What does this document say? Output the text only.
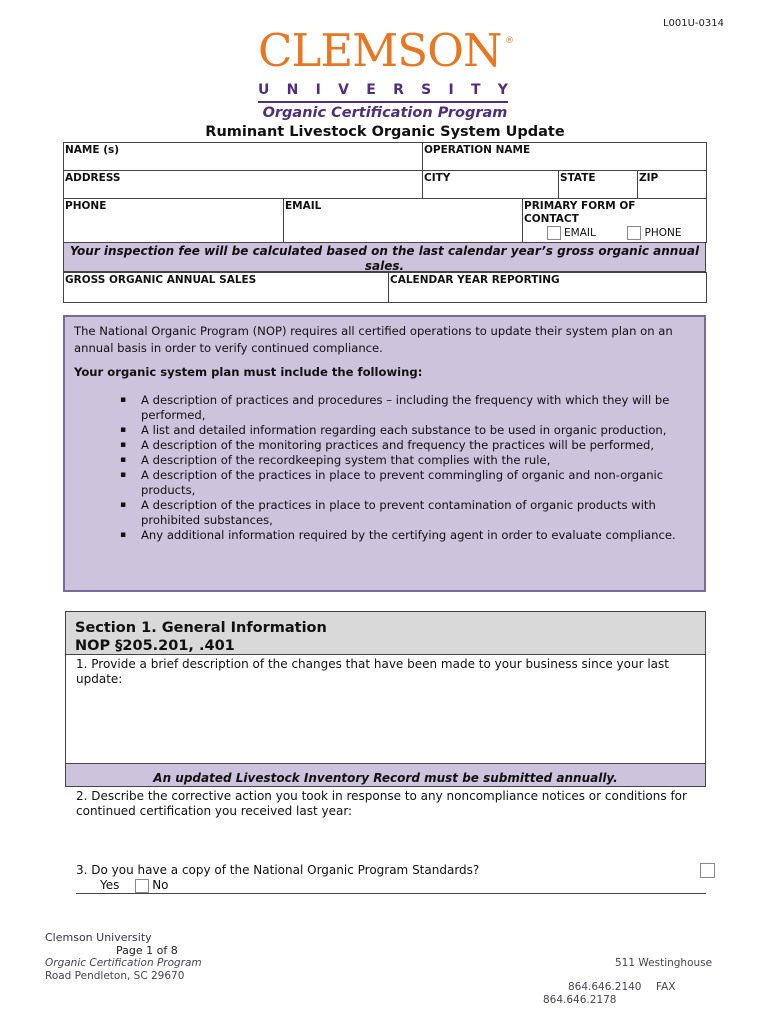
L001U-0314
CLEMSON ®
U N I V E R S I T Y
Organic Certification Program
Ruminant Livestock Organic System Update
NAME (s)	OPERATION NAME		
ADDRESS	CITY	STATE	ZIP
PHONE	EMAIL	PRIMARY FORM OF CONTACT
EMAIL	PHONE
Your inspection fee will be calculated based on the last calendar year’s gross organic annual sales.
GROSS ORGANIC ANNUAL SALES	CALENDAR YEAR REPORTING
The National Organic Program (NOP) requires all certified operations to update their system plan on an annual basis in order to verify continued compliance.
Your organic system plan must include the following:
▪ A description of practices and procedures – including the frequency with which they will be performed,
▪ A list and detailed information regarding each substance to be used in organic production,
▪ A description of the monitoring practices and frequency the practices will be performed,
▪ A description of the recordkeeping system that complies with the rule,
▪ A description of the practices in place to prevent commingling of organic and non-organic products,
▪ A description of the practices in place to prevent contamination of organic products with prohibited substances,
▪ Any additional information required by the certifying agent in order to evaluate compliance.
Section 1. General Information
NOP §205.201, .401
1. Provide a brief description of the changes that have been made to your business since your last update:
An updated Livestock Inventory Record must be submitted annually.
2. Describe the corrective action you took in response to any noncompliance notices or conditions for continued certification you received last year:
3. Do you have a copy of the National Organic Program Standards?
Yes	No
Clemson University
Page 1 of 8
Organic Certification Program
Road Pendleton, SC 29670
511 Westinghouse
864.646.2140 FAX
864.646.2178
